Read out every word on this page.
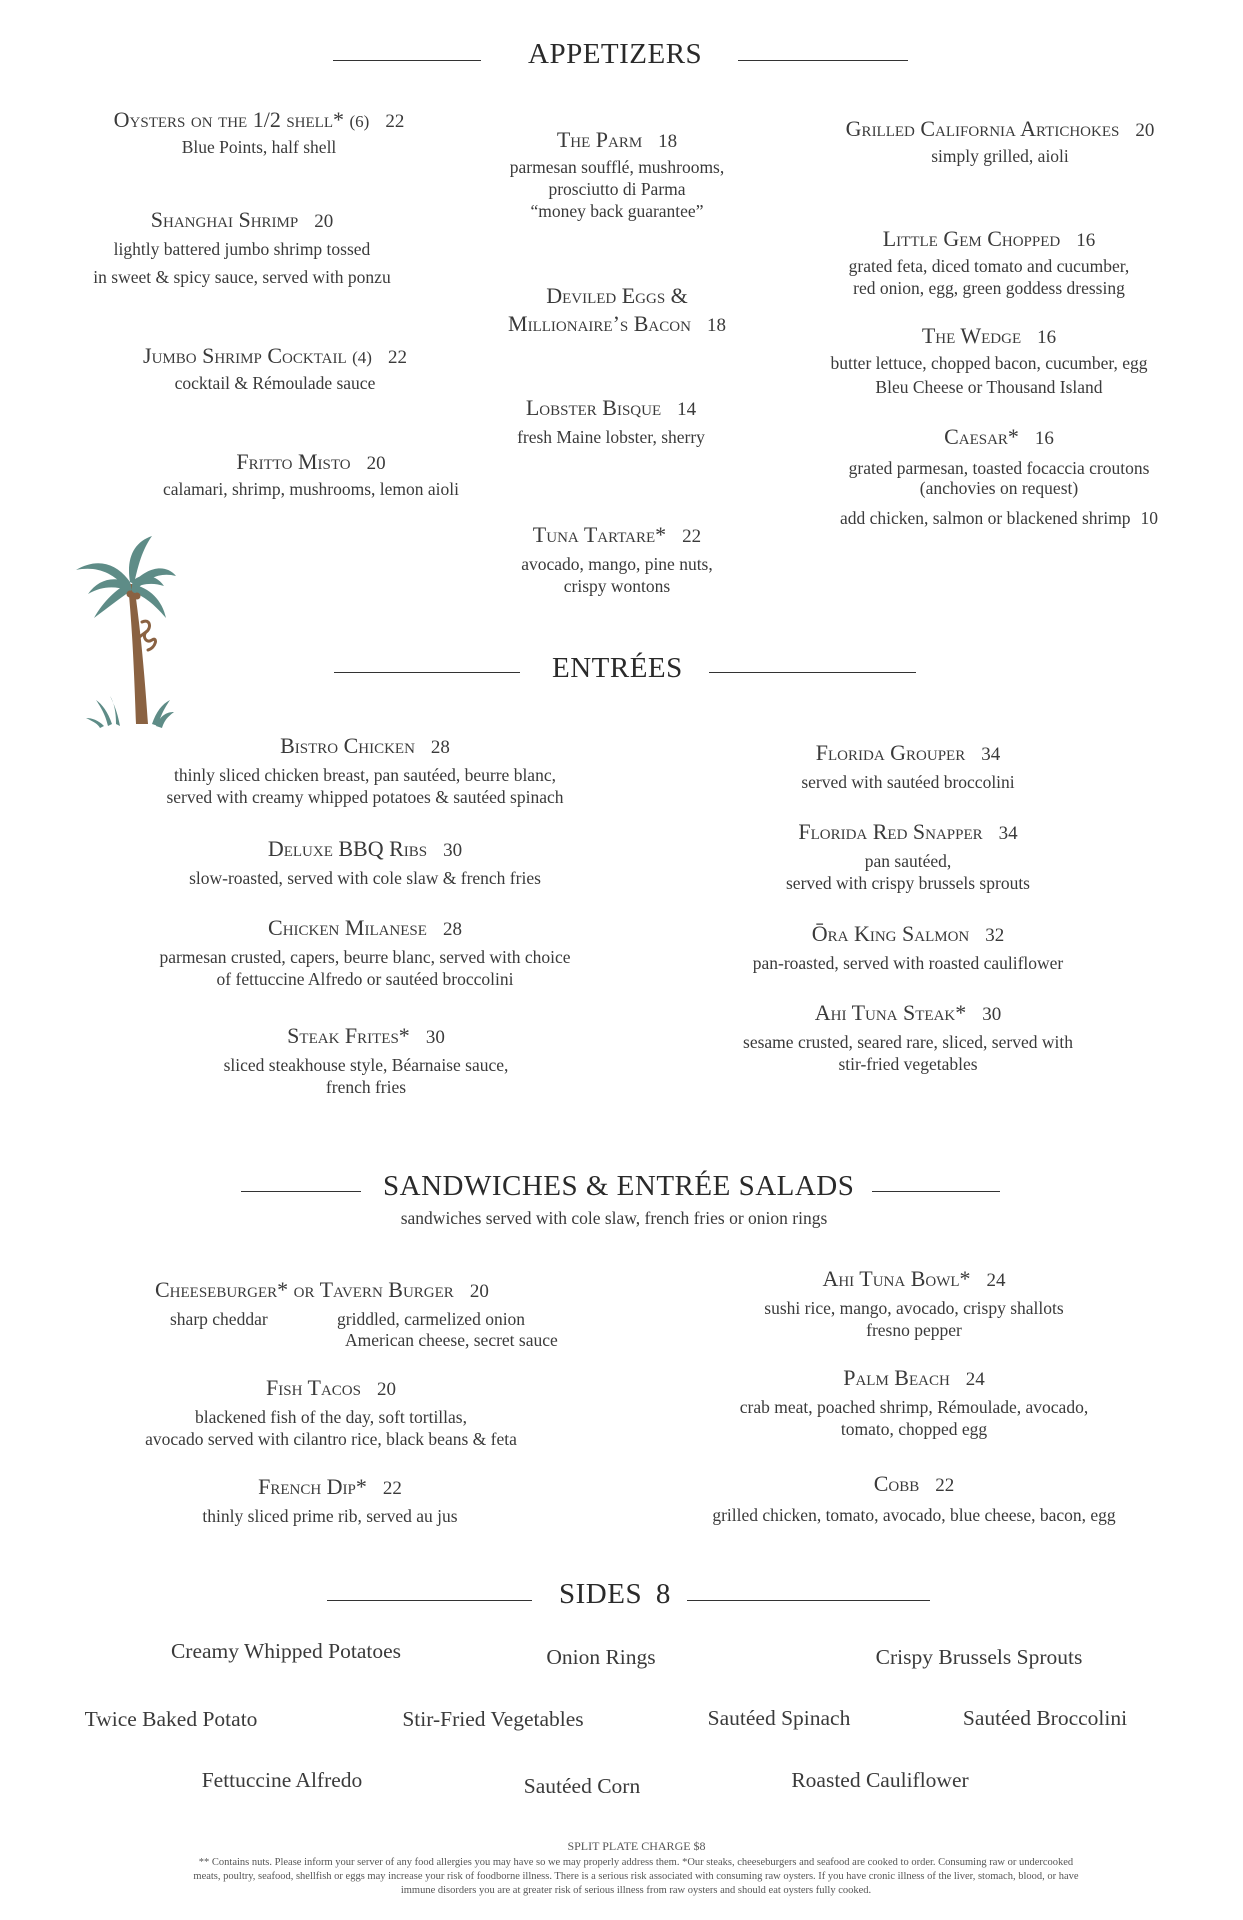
APPETIZERS
Oysters on the 1/2 shell* (6) 22
Blue Points, half shell
Shanghai Shrimp 20
lightly battered jumbo shrimp tossed
in sweet & spicy sauce, served with ponzu
Jumbo Shrimp Cocktail (4) 22
cocktail & Rémoulade sauce
Fritto Misto 20
calamari, shrimp, mushrooms, lemon aioli
The Parm 18
parmesan soufflé, mushrooms,
prosciutto di Parma
“money back guarantee”
Deviled Eggs &
Millionaire’s Bacon 18
Lobster Bisque 14
fresh Maine lobster, sherry
Tuna Tartare* 22
avocado, mango, pine nuts,
crispy wontons
Grilled California Artichokes 20
simply grilled, aioli
Little Gem Chopped 16
grated feta, diced tomato and cucumber,
red onion, egg, green goddess dressing
The Wedge 16
butter lettuce, chopped bacon, cucumber, egg
Bleu Cheese or Thousand Island
Caesar* 16
grated parmesan, toasted focaccia croutons
(anchovies on request)
add chicken, salmon or blackened shrimp 10
ENTRÉES
Bistro Chicken 28
thinly sliced chicken breast, pan sautéed, beurre blanc,
served with creamy whipped potatoes & sautéed spinach
Deluxe BBQ Ribs 30
slow-roasted, served with cole slaw & french fries
Chicken Milanese 28
parmesan crusted, capers, beurre blanc, served with choice
of fettuccine Alfredo or sautéed broccolini
Steak Frites* 30
sliced steakhouse style, Béarnaise sauce,
french fries
Florida Grouper 34
served with sautéed broccolini
Florida Red Snapper 34
pan sautéed,
served with crispy brussels sprouts
Ōra King Salmon 32
pan-roasted, served with roasted cauliflower
Ahi Tuna Steak* 30
sesame crusted, seared rare, sliced, served with
stir-fried vegetables
SANDWICHES & ENTRÉE SALADS
sandwiches served with cole slaw, french fries or onion rings
Cheeseburger* or Tavern Burger 20
sharp cheddar	griddled, carmelized onion
American cheese, secret sauce
Fish Tacos 20
blackened fish of the day, soft tortillas,
avocado served with cilantro rice, black beans & feta
French Dip* 22
thinly sliced prime rib, served au jus
Ahi Tuna Bowl* 24
sushi rice, mango, avocado, crispy shallots
fresno pepper
Palm Beach 24
crab meat, poached shrimp, Rémoulade, avocado,
tomato, chopped egg
Cobb 22
grilled chicken, tomato, avocado, blue cheese, bacon, egg
SIDES 8
Creamy Whipped Potatoes	Onion Rings	Crispy Brussels Sprouts
Twice Baked Potato	Stir-Fried Vegetables	Sautéed Spinach	Sautéed Broccolini
Fettuccine Alfredo	Sautéed Corn	Roasted Cauliflower
SPLIT PLATE CHARGE $8
** Contains nuts. Please inform your server of any food allergies you may have so we may properly address them. *Our steaks, cheeseburgers and seafood are cooked to order. Consuming raw or undercooked
meats, poultry, seafood, shellfish or eggs may increase your risk of foodborne illness. There is a serious risk associated with consuming raw oysters. If you have cronic illness of the liver, stomach, blood, or have
immune disorders you are at greater risk of serious illness from raw oysters and should eat oysters fully cooked.
